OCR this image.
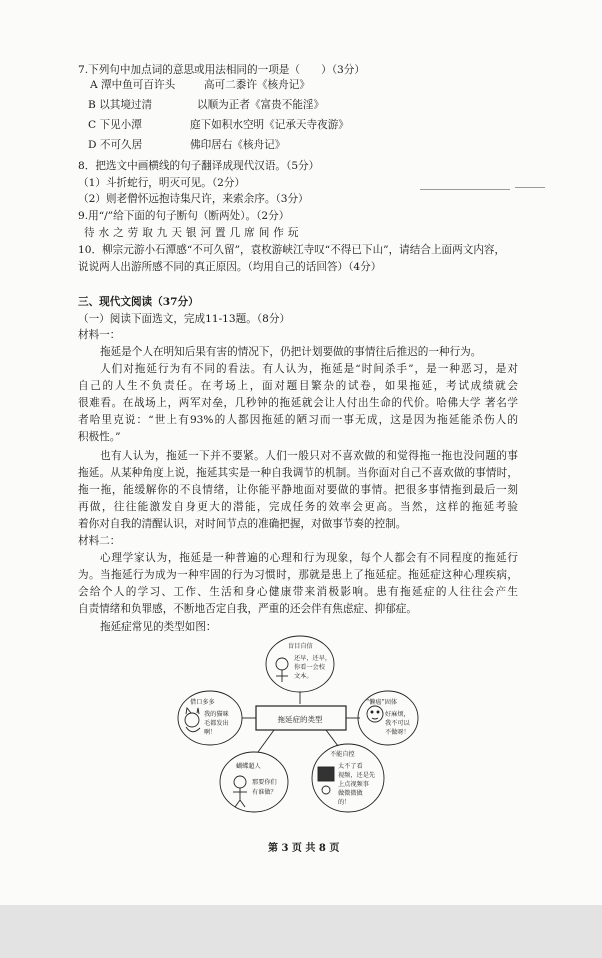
7.下列句中加点词的意思或用法相同的一项是（　　）（3分）
A 潭中鱼可百许头	高可二黍许《核舟记》
B 以其境过清	以顺为正者《富贵不能淫》
C 下见小潭	庭下如积水空明《记承天寺夜游》
D 不可久居	佛印居右《核舟记》
8．把选文中画横线的句子翻译成现代汉语。（5分）
（1）斗折蛇行，明灭可见。（2分）
（2）则老僧怀远抱诗集尺许，来索余序。（3分）
9.用“/”给下面的句子断句（断两处）。（2分）
待 水 之 劳 取 九 天 银 河 置 几 席 间 作 玩
10．柳宗元游小石潭感“不可久留”，袁枚游峡江寺叹“不得已下山”，请结合上面两文内容，
说说两人出游所感不同的真正原因。（均用自己的话回答）（4分）
三、现代文阅读（37分）
（一）阅读下面选文，完成11-13题。（8分）
材料一：
拖延是个人在明知后果有害的情况下，仍把计划要做的事情往后推迟的一种行为。
人们对拖延行为有不同的看法。有人认为，拖延是“时间杀手”，是一种恶习，是对
自己的人生不负责任。在考场上，面对题目繁杂的试卷，如果拖延，考试成绩就会
很难看。在战场上，两军对垒，几秒钟的拖延就会让人付出生命的代价。哈佛大学 著名学
者哈里克说：“世上有93%的人都因拖延的陋习而一事无成，这是因为拖延能杀伤人的
积极性。”
也有人认为，拖延一下并不要紧。人们一般只对不喜欢做的和觉得拖一拖也没问题的事
拖延。从某种角度上说，拖延其实是一种自我调节的机制。当你面对自己不喜欢做的事情时，
拖一拖，能缓解你的不良情绪，让你能平静地面对要做的事情。把很多事情拖到最后一刻
再做，往往能激发自身更大的潜能，完成任务的效率会更高。当然，这样的拖延考验
着你对自我的清醒认识，对时间节点的准确把握，对做事节奏的控制。
材料二：
心理学家认为，拖延是一种普遍的心理和行为现象，每个人都会有不同程度的拖延行
为。当拖延行为成为一种牢固的行为习惯时，那就是患上了拖延症。拖延症这种心理疾病，
会给个人的学习、工作、生活和身心健康带来消极影响。患有拖延症的人往往会产生
自责情绪和负罪感，不断地否定自我，严重的还会伴有焦虑症、抑郁症。
拖延症常见的类型如图：
拖延症的类型
盲目自信
还早，还早，
你看一会校
文本。
借口多多
我的猫咪
毛都发出
啊！
“懒癌”固体
好麻烦，
我不可以
不做呀！
蝴蝶超人
那要你们
有谁做？
不能自控
太不了看
视频，还是先
上点视频事
做微微做
的！
第 3 页 共 8 页
